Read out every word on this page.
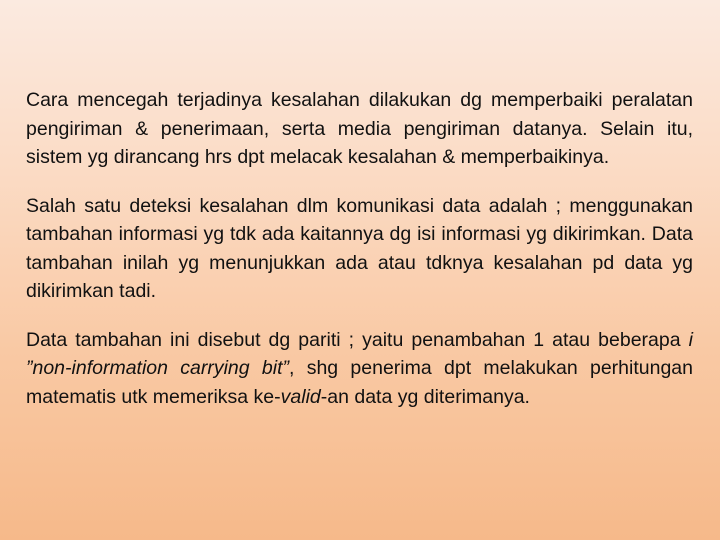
Cara mencegah terjadinya kesalahan dilakukan dg memperbaiki peralatan pengiriman & penerimaan, serta media pengiriman datanya. Selain itu, sistem yg dirancang hrs dpt melacak kesalahan & memperbaikinya.

Salah satu deteksi kesalahan dlm komunikasi data adalah ; menggunakan tambahan informasi yg tdk ada kaitannya dg isi informasi yg dikirimkan. Data tambahan inilah yg menunjukkan ada atau tdknya kesalahan pd data yg dikirimkan tadi.

Data tambahan ini disebut dg pariti ; yaitu penambahan 1 atau beberapa i ”non-information carrying bit”, shg penerima dpt melakukan perhitungan matematis utk memeriksa ke-valid-an data yg diterimanya.
